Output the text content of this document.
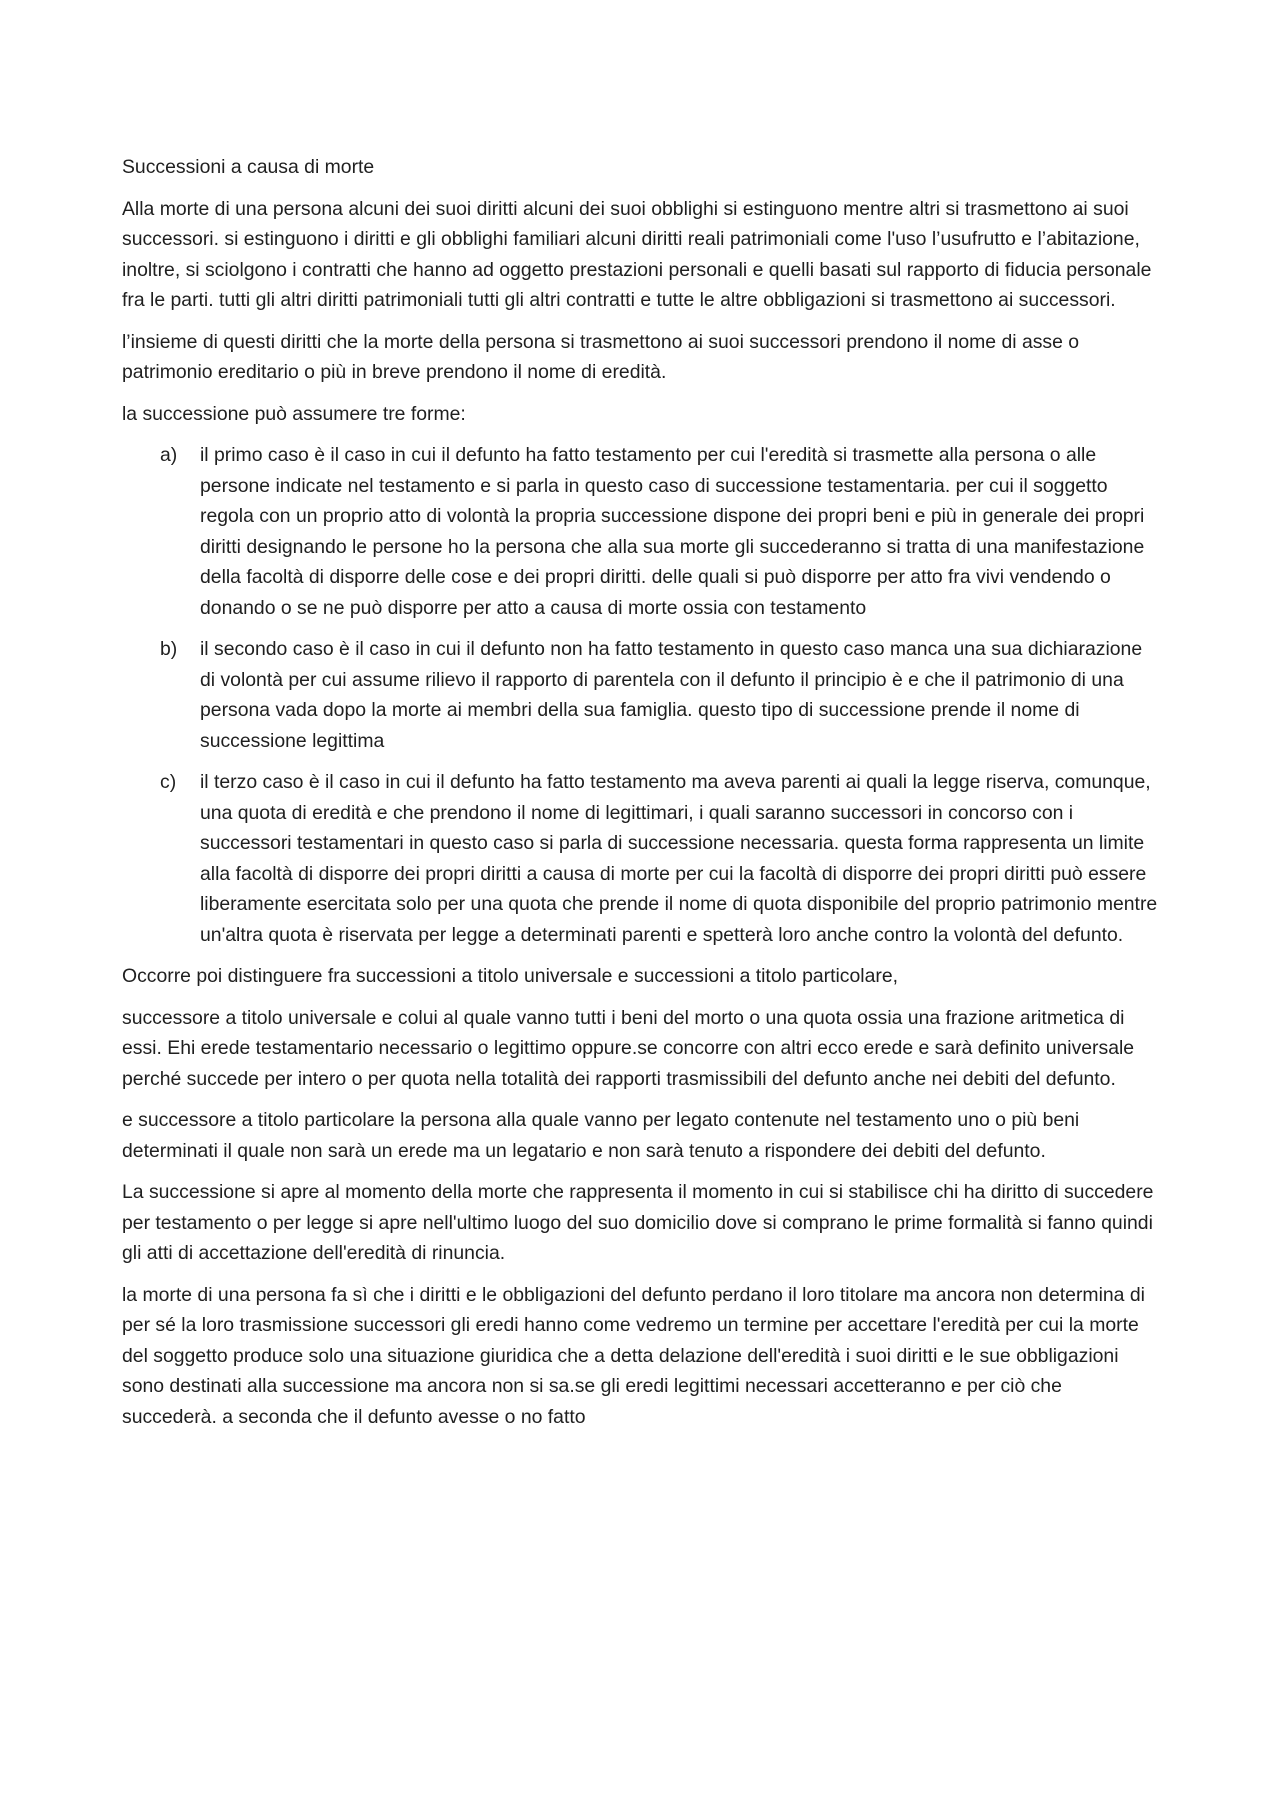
Successioni a causa di morte

Alla morte di una persona alcuni dei suoi diritti alcuni dei suoi obblighi si estinguono mentre altri si trasmettono ai suoi successori. si estinguono i diritti e gli obblighi familiari alcuni diritti reali patrimoniali come l'uso l’usufrutto e l’abitazione, inoltre, si sciolgono i contratti che hanno ad oggetto prestazioni personali e quelli basati sul rapporto di fiducia personale fra le parti. tutti gli altri diritti patrimoniali tutti gli altri contratti e tutte le altre obbligazioni si trasmettono ai successori.

l’insieme di questi diritti che la morte della persona si trasmettono ai suoi successori prendono il nome di asse o patrimonio ereditario o più in breve prendono il nome di eredità.

la successione può assumere tre forme:

a) il primo caso è il caso in cui il defunto ha fatto testamento per cui l'eredità si trasmette alla persona o alle persone indicate nel testamento e si parla in questo caso di successione testamentaria. per cui il soggetto regola con un proprio atto di volontà la propria successione dispone dei propri beni e più in generale dei propri diritti designando le persone ho la persona che alla sua morte gli succederanno si tratta di una manifestazione della facoltà di disporre delle cose e dei propri diritti. delle quali si può disporre per atto fra vivi vendendo o donando o se ne può disporre per atto a causa di morte ossia con testamento
b) il secondo caso è il caso in cui il defunto non ha fatto testamento in questo caso manca una sua dichiarazione di volontà per cui assume rilievo il rapporto di parentela con il defunto il principio è e che il patrimonio di una persona vada dopo la morte ai membri della sua famiglia. questo tipo di successione prende il nome di successione legittima
c) il terzo caso è il caso in cui il defunto ha fatto testamento ma aveva parenti ai quali la legge riserva, comunque, una quota di eredità e che prendono il nome di legittimari, i quali saranno successori in concorso con i successori testamentari in questo caso si parla di successione necessaria. questa forma rappresenta un limite alla facoltà di disporre dei propri diritti a causa di morte per cui la facoltà di disporre dei propri diritti può essere liberamente esercitata solo per una quota che prende il nome di quota disponibile del proprio patrimonio mentre un'altra quota è riservata per legge a determinati parenti e spetterà loro anche contro la volontà del defunto.

Occorre poi distinguere fra successioni a titolo universale e successioni a titolo particolare,

successore a titolo universale e colui al quale vanno tutti i beni del morto o una quota ossia una frazione aritmetica di essi. Ehi erede testamentario necessario o legittimo oppure.se concorre con altri ecco erede e sarà definito universale perché succede per intero o per quota nella totalità dei rapporti trasmissibili del defunto anche nei debiti del defunto.

e successore a titolo particolare la persona alla quale vanno per legato contenute nel testamento uno o più beni determinati il quale non sarà un erede ma un legatario e non sarà tenuto a rispondere dei debiti del defunto.

La successione si apre al momento della morte che rappresenta il momento in cui si stabilisce chi ha diritto di succedere per testamento o per legge si apre nell'ultimo luogo del suo domicilio dove si comprano le prime formalità si fanno quindi gli atti di accettazione dell'eredità di rinuncia.

la morte di una persona fa sì che i diritti e le obbligazioni del defunto perdano il loro titolare ma ancora non determina di per sé la loro trasmissione successori gli eredi hanno come vedremo un termine per accettare l'eredità per cui la morte del soggetto produce solo una situazione giuridica che a detta delazione dell'eredità i suoi diritti e le sue obbligazioni sono destinati alla successione ma ancora non si sa.se gli eredi legittimi necessari accetteranno e per ciò che succederà. a seconda che il defunto avesse o no fatto
